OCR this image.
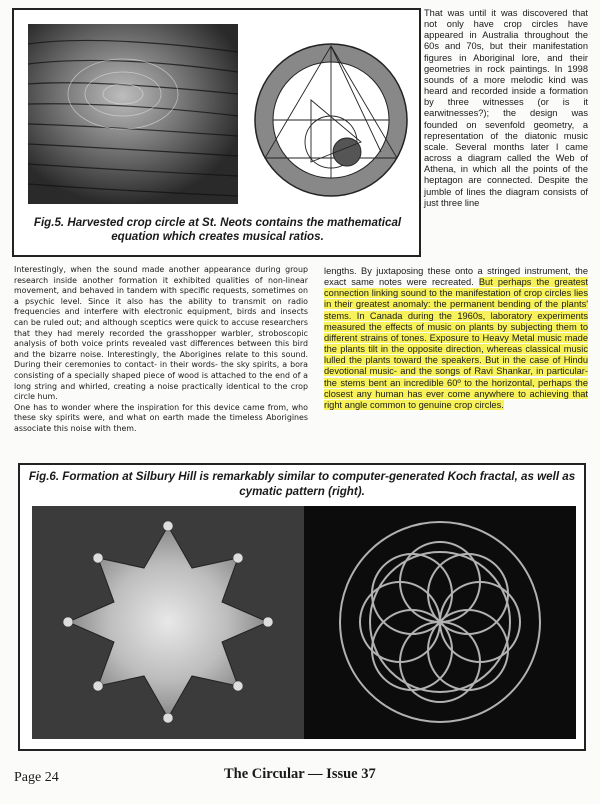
Fig.5. Harvested crop circle at St. Neots contains the mathematical equation which creates musical ratios.
That was until it was discovered that not only have crop circles have appeared in Australia throughout the 60s and 70s, but their manifestation figures in Aboriginal lore, and their geometries in rock paintings. In 1998 sounds of a more melodic kind was heard and recorded inside a formation by three witnesses (or is it earwitnesses?); the design was founded on sevenfold geometry, a representation of the diatonic music scale. Several months later I came across a diagram called the Web of Athena, in which all the points of the heptagon are connected. Despite the jumble of lines the diagram consists of just three line

Interestingly, when the sound made another appearance during group research inside another formation it exhibited qualities of non-linear movement, and behaved in tandem with specific requests, sometimes on a psychic level. Since it also has the ability to transmit on radio frequencies and interfere with electronic equipment, birds and insects can be ruled out; and although sceptics were quick to accuse researchers that they had merely recorded the grasshopper warbler, stroboscopic analysis of both voice prints revealed vast differences between this bird and the bizarre noise. Interestingly, the Aborigines relate to this sound. During their ceremonies to contact- in their words- the sky spirits, a bora consisting of a specially shaped piece of wood is attached to the end of a long string and whirled, creating a noise practically identical to the crop circle hum.

One has to wonder where the inspiration for this device came from, who these sky spirits were, and what on earth made the timeless Aborigines associate this noise with them.

lengths. By juxtaposing these onto a stringed instrument, the exact same notes were recreated. But perhaps the greatest connection linking sound to the manifestation of crop circles lies in their greatest anomaly: the permanent bending of the plants' stems. In Canada during the 1960s, laboratory experiments measured the effects of music on plants by subjecting them to different strains of tones. Exposure to Heavy Metal music made the plants tilt in the opposite direction, whereas classical music lulled the plants toward the speakers. But in the case of Hindu devotional music- and the songs of Ravi Shankar, in particular- the stems bent an incredible 60º to the horizontal, perhaps the closest any human has ever come anywhere to achieving that right angle common to genuine crop circles.
Fig.6. Formation at Silbury Hill is remarkably similar to computer-generated Koch fractal, as well as cymatic pattern (right).
Page 24	The Circular — Issue 37
